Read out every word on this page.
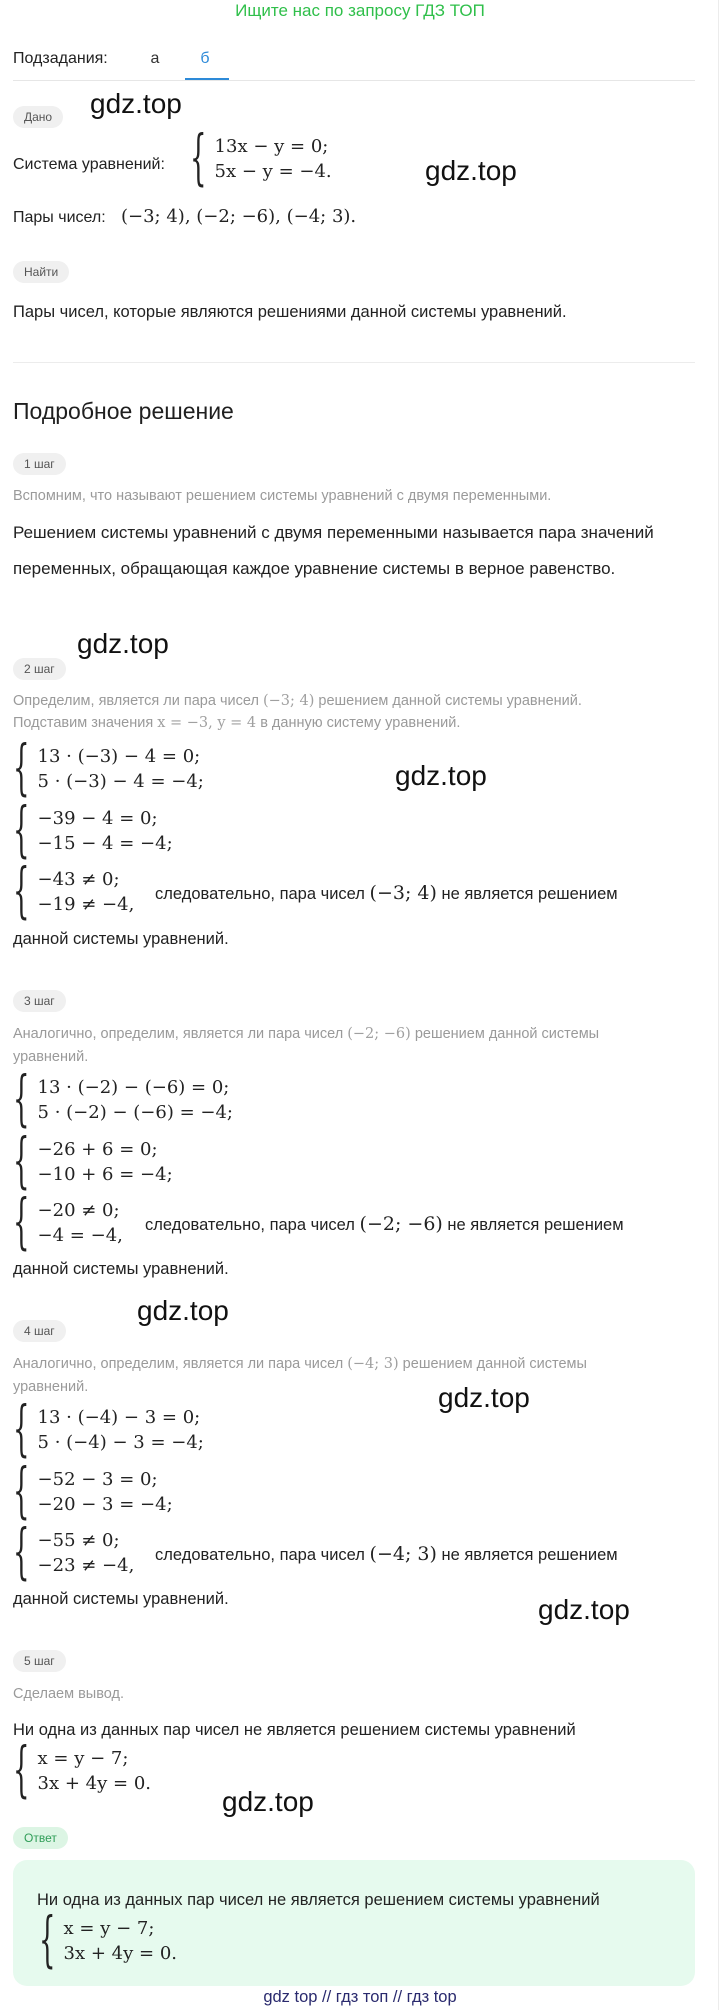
Ищите нас по запросу ГДЗ ТОП
Подзадания:	а	б
Дано
Система уравнений: { 13x − y = 0;
5x − y = −4.
Пары чисел: (−3; 4), (−2; −6), (−4; 3).
Найти
Пары чисел, которые являются решениями данной системы уравнений.
Подробное решение
1 шаг
Вспомним, что называют решением системы уравнений с двумя переменными.
Решением системы уравнений с двумя переменными называется пара значений переменных, обращающая каждое уравнение системы в верное равенство.
2 шаг
Определим, является ли пара чисел (−3; 4) решением данной системы уравнений.
Подставим значения x = −3, y = 4 в данную систему уравнений.
{ 13 · (−3) − 4 = 0;
5 · (−3) − 4 = −4;
{ −39 − 4 = 0;
−15 − 4 = −4;
{ −43 ≠ 0;
−19 ≠ −4, следовательно, пара чисел (−3; 4) не является решением
данной системы уравнений.
3 шаг
Аналогично, определим, является ли пара чисел (−2; −6) решением данной системы
уравнений.
{ 13 · (−2) − (−6) = 0;
5 · (−2) − (−6) = −4;
{ −26 + 6 = 0;
−10 + 6 = −4;
{ −20 ≠ 0;
−4 = −4, следовательно, пара чисел (−2; −6) не является решением
данной системы уравнений.
4 шаг
Аналогично, определим, является ли пара чисел (−4; 3) решением данной системы
уравнений.
{ 13 · (−4) − 3 = 0;
5 · (−4) − 3 = −4;
{ −52 − 3 = 0;
−20 − 3 = −4;
{ −55 ≠ 0;
−23 ≠ −4, следовательно, пара чисел (−4; 3) не является решением
данной системы уравнений.
5 шаг
Сделаем вывод.
Ни одна из данных пар чисел не является решением системы уравнений
{ x = y − 7;
3x + 4y = 0.
Ответ
Ни одна из данных пар чисел не является решением системы уравнений
{ x = y − 7;
3x + 4y = 0.
gdz.top
gdz.top
gdz.top
gdz.top
gdz.top
gdz.top
gdz.top
gdz.top
gdz top // гдз топ // гдз top
